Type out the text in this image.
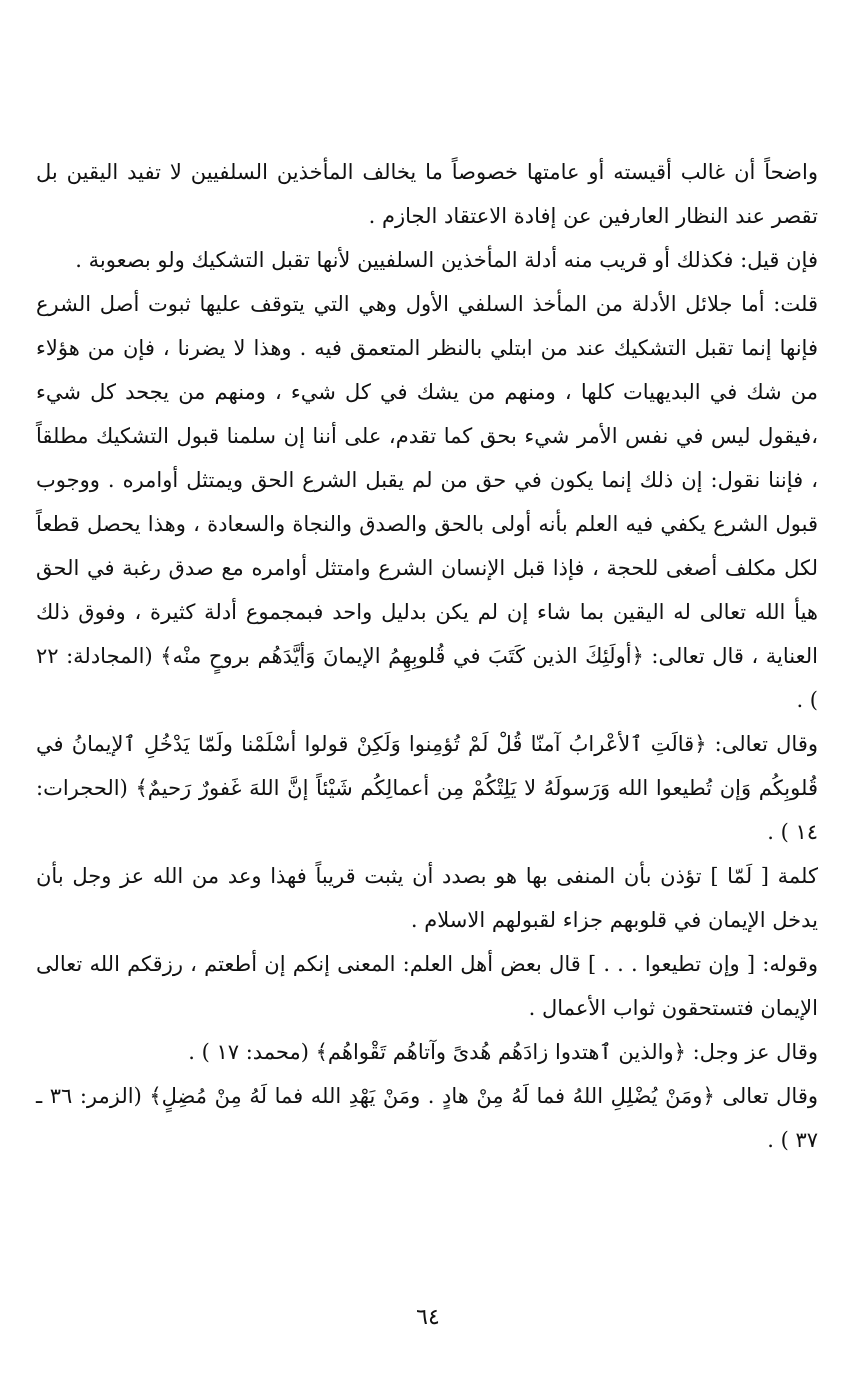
واضحاً أن غالب أقيسته أو عامتها خصوصاً ما يخالف المأخذين السلفيين لا تفيد اليقين بل تقصر عند النظار العارفين عن إفادة الاعتقاد الجازم .

فإن قيل: فكذلك أو قريب منه أدلة المأخذين السلفيين لأنها تقبل التشكيك ولو بصعوبة .

قلت: أما جلائل الأدلة من المأخذ السلفي الأول وهي التي يتوقف عليها ثبوت أصل الشرع فإنها إنما تقبل التشكيك عند من ابتلي بالنظر المتعمق فيه . وهذا لا يضرنا ، فإن من هؤلاء من شك في البديهيات كلها ، ومنهم من يشك في كل شيء ، ومنهم من يجحد كل شيء ،فيقول ليس في نفس الأمر شيء بحق كما تقدم، على أننا إن سلمنا قبول التشكيك مطلقاً ، فإننا نقول: إن ذلك إنما يكون في حق من لم يقبل الشرع الحق ويمتثل أوامره . ووجوب قبول الشرع يكفي فيه العلم بأنه أولى بالحق والصدق والنجاة والسعادة ، وهذا يحصل قطعاً لكل مكلف أصغى للحجة ، فإذا قبل الإنسان الشرع وامتثل أوامره مع صدق رغبة في الحق هيأ الله تعالى له اليقين بما شاء إن لم يكن بدليل واحد فبمجموع أدلة كثيرة ، وفوق ذلك العناية ، قال تعالى: ﴿أولَئِكَ الذين كَتَبَ في قُلوبِهِمُ الإيمانَ وَأيَّدَهُم بروحٍ منْه﴾ (المجادلة: ٢٢ ) .

وقال تعالى: ﴿قالَتِ ٱلأعْرابُ آمنّا قُلْ لَمْ تُؤمِنوا وَلَكِنْ قولوا أسْلَمْنا ولَمّا يَدْخُلِ ٱلإيمانُ في قُلوبِكُم وَإن تُطيعوا الله وَرَسولَهُ لا يَلِتْكُمْ مِن أعمالِكُم شَيْئاً إنَّ اللهَ غَفورٌ رَحيمٌ﴾ (الحجرات: ١٤ ) .

كلمة [ لَمّا ] تؤذن بأن المنفى بها هو بصدد أن يثبت قريباً فهذا وعد من الله عز وجل بأن يدخل الإيمان في قلوبهم جزاء لقبولهم الاسلام .

وقوله: [ وإن تطيعوا . . . ] قال بعض أهل العلم: المعنى إنكم إن أطعتم ، رزقكم الله تعالى الإيمان فتستحقون ثواب الأعمال .

وقال عز وجل: ﴿والذين ٱهتدوا زادَهُم هُدىً وآتاهُم تَقْواهُم﴾ (محمد: ١٧ ) .

وقال تعالى ﴿ومَنْ يُضْلِلِ اللهُ فما لَهُ مِنْ هادٍ . ومَنْ يَهْدِ الله فما لَهُ مِنْ مُضِلٍ﴾ (الزمر: ٣٦ ـ ٣٧ ) .

٦٤
